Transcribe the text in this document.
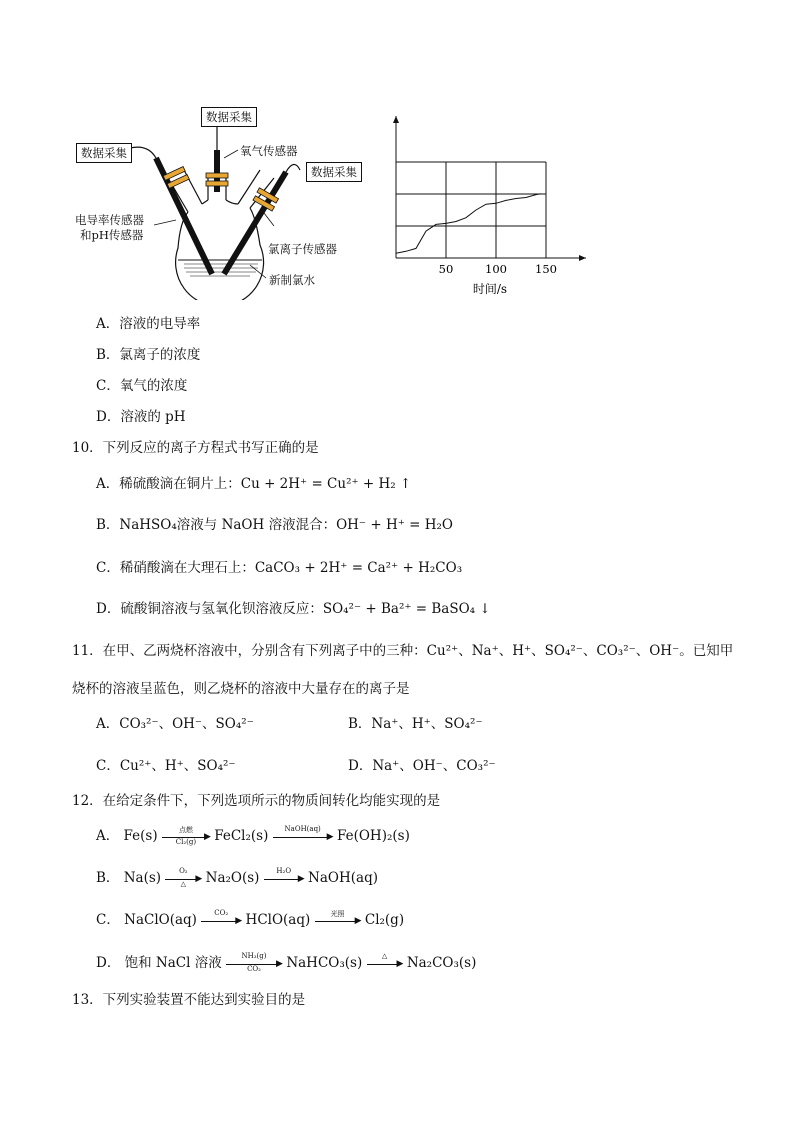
数据采集
数据采集
数据采集
氧气传感器
电导率传感器
和pH传感器
氯离子传感器
新制氯水
50	100 150
时间/s
A．溶液的电导率
B．氯离子的浓度
C．氧气的浓度
D．溶液的 pH
10．下列反应的离子方程式书写正确的是
A．稀硫酸滴在铜片上：Cu + 2H⁺ = Cu²⁺ + H₂ ↑
B．NaHSO₄溶液与 NaOH 溶液混合：OH⁻ + H⁺ = H₂O
C．稀硝酸滴在大理石上：CaCO₃ + 2H⁺ = Ca²⁺ + H₂CO₃
D．硫酸铜溶液与氢氧化钡溶液反应：SO₄²⁻ + Ba²⁺ = BaSO₄ ↓
11．在甲、乙两烧杯溶液中，分别含有下列离子中的三种：Cu²⁺、Na⁺、H⁺、SO₄²⁻、CO₃²⁻、OH⁻。已知甲
烧杯的溶液呈蓝色，则乙烧杯的溶液中大量存在的离子是
A．CO₃²⁻、OH⁻、SO₄²⁻	B．Na⁺、H⁺、SO₄²⁻
C．Cu²⁺、H⁺、SO₄²⁻	D．Na⁺、OH⁻、CO₃²⁻
12．在给定条件下，下列选项所示的物质间转化均能实现的是
A． Fe(s)	点燃
▶
Cl₂(g)	FeCl₂(s)	NaOH(aq)
▶ Fe(OH)₂(s)
B． Na(s)	O₂
▶
△	Na₂O(s)	H₂O
▶ NaOH(aq)
C． NaClO(aq)	CO₂
▶ HClO(aq)	光照
▶ Cl₂(g)
D． 饱和 NaCl 溶液	NH₃(g)
▶
CO₂	NaHCO₃(s)	△
▶ Na₂CO₃(s)
13．下列实验装置不能达到实验目的是
